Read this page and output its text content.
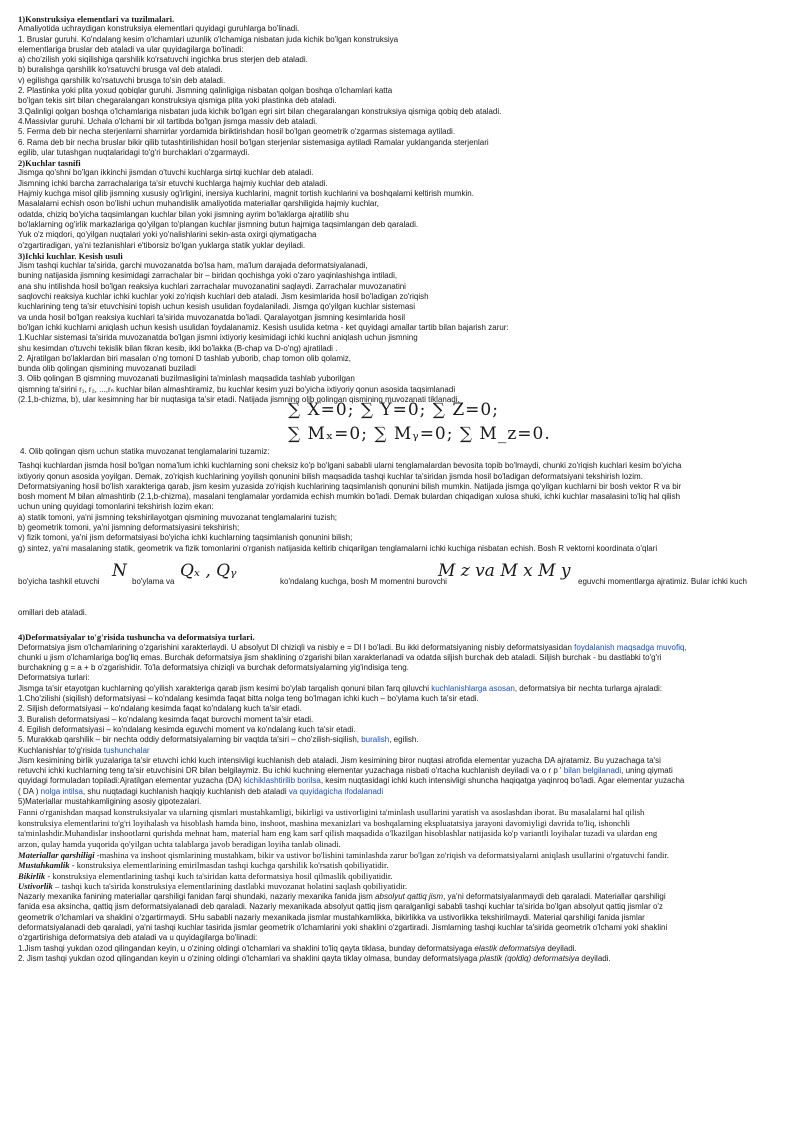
1)Konstruksiya elementlari va tuzilmalari.

Amaliyotida uchraydigan konstruksiya elementlari quyidagi guruhlarga bo'linadi.

1. Bruslar guruhi. Ko'ndalang kesim o'lchamlari uzunlik o'lchamiga nisbatan juda kichik bo'lgan konstruksiya

elementlariga bruslar deb ataladi va ular quyidagilarga bo'linadi:

a) cho'zilish yoki siqilishiga qarshilik ko'rsatuvchi ingichka brus sterjen deb ataladi.

b) buralishga qarshilik ko'rsatuvchi brusga val deb ataladi.

v) egilishga qarshilik ko'rsatuvchi brusga to'sin deb ataladi.

2. Plastinka yoki plita yoxud qobiqlar guruhi. Jismning qalinligiga nisbatan qolgan boshqa o'lchamlari katta

bo'lgan tekis sirt bilan chegaralangan konstruksiya qismiga plita yoki plastinka deb ataladi.

3.Qalinligi qolgan boshqa o'lchamlariga nisbatan juda kichik bo'lgan egri sirt bilan chegaralangan konstruksiya qismiga qobiq deb ataladi.

4.Massivlar guruhi. Uchala o'lchami bir xil tartibda bo'lgan jismga massiv deb ataladi.

5. Ferma deb bir necha sterjenlarni sharnirlar yordamida biriktirishdan hosil bo'lgan geometrik o'zgarmas sistemaga aytiladi.

6. Rama deb bir necha bruslar bikir qilib tutashtirilishidan hosil bo'lgan sterjenlar sistemasiga aytiladi Ramalar yuklanganda sterjenlari

egilib, ular tutashgan nuqtalaridagi to'g'ri burchaklari o'zgarmaydi.

2)Kuchlar tasnifi

Jismga qo'shni bo'lgan ikkinchi jismdan o'tuvchi kuchlarga sirtqi kuchlar deb ataladi.

Jismning ichki barcha zarrachalariga ta'sir etuvchi kuchlarga hajmiy kuchlar deb ataladi.

Hajmiy kuchga misol qilib jismning xususiy og'irligini, inersiya kuchlarini, magnit tortish kuchlarini va boshqalarni keltirish mumkin.

Masalalarni echish oson bo'lishi uchun muhandislik amaliyotida materiallar qarshiligida hajmiy kuchlar,

odatda, chiziq bo'yicha taqsimlangan kuchlar bilan yoki jismning ayrim bo'laklarga ajratilib shu

bo'laklarning og'irlik markazlariga qo'yilgan to'plangan kuchlar jismning butun hajmiga taqsimlangan deb qaraladi.

Yuk o'z miqdori, qo'yilgan nuqtalari yoki yo'nalishlarini sekin-asta oxirgi qiymatigacha

o'zgartiradigan, ya'ni tezlanishlari e'tiborsiz bo'lgan yuklarga statik yuklar deyiladi.

3)Ichki kuchlar. Kesish usuli

Jism tashqi kuchlar ta'sirida, garchi muvozanatda bo'lsa ham, ma'lum darajada deformatsiyalanadi,

buning natijasida jismning kesimidagi zarrachalar bir – biridan qochishga yoki o'zaro yaqinlashishga intiladi,

ana shu intilishda hosil bo'lgan reaksiya kuchlari zarrachalar muvozanatini saqlaydi. Zarrachalar muvozanatini

saqlovchi reaksiya kuchlar ichki kuchlar yoki zo'riqish kuchlari deb ataladi. Jism kesimlarida hosil bo'ladigan zo'riqish

kuchlarining teng ta'sir etuvchisini topish uchun kesish usulidan foydalaniladi. Jismga qo'yilgan kuchlar sistemasi

va unda hosil bo'lgan reaksiya kuchlari ta'sirida muvozanatda bo'ladi. Qaralayotgan jismning kesimlarida hosil

bo'lgan ichki kuchlarni aniqlash uchun kesish usulidan foydalanamiz. Kesish usulida ketma - ket quyidagi amallar tartib bilan bajarish zarur:

1.Kuchlar sistemasi ta'sirida muvozanatda bo'lgan jismni ixtiyoriy kesimidagi ichki kuchni aniqlash uchun jismning

shu kesimdan o'tuvchi tekislik bilan fikran kesib, ikki bo'lakka (B-chap va D-o'ng) ajratiladi .

2. Ajratilgan bo'laklardan biri masalan o'ng tomoni D tashlab yuborib, chap tomon olib qolamiz,

bunda olib qolingan qismining muvozanati buziladi

3. Olib qolingan B qismning muvozanati buzilmasligini ta'minlash maqsadida tashlab yuborilgan

qismning ta'sirini r₁, r₂, ...,rₙ kuchlar bilan almashtiramiz, bu kuchlar kesim yuzi bo'yicha ixtiyoriy qonun asosida taqsimlanadi

(2.1,b-chizma, b), ular kesimning har bir nuqtasiga ta'sir etadi. Natijada jismning olib qolingan qismining muvozanati tiklanadi.

∑ X=0; ∑ Y=0; ∑ Z=0;
∑ Mₓ=0; ∑ Mᵧ=0; ∑ M_z=0.
4. Olib qolingan qism uchun statika muvozanat tenglamalarini tuzamiz:

Tashqi kuchlardan jismda hosil bo'lgan noma'lum ichki kuchlarning soni cheksiz ko'p bo'lgani sababli ularni tenglamalardan bevosita topib bo'lmaydi, chunki zo'riqish kuchlari kesim bo'yicha

ixtiyoriy qonun asosida yoyilgan. Demak, zo'riqish kuchlarining yoyilish qonunini bilish maqsadida tashqi kuchlar ta'siridan jismda hosil bo'ladigan deformatsiyani tekshirish lozim.

Deformatsiyaning hosil bo'lish xarakteriga qarab, jism kesim yuzasida zo'riqish kuchlarining taqsimlanish qonunini bilish mumkin. Natijada jismga qo'yilgan kuchlarni bir bosh vektor R va bir

bosh moment M bilan almashtirib (2.1,b-chizma), masalani tenglamalar yordamida echish mumkin bo'ladi. Demak bulardan chiqadigan xulosa shuki, ichki kuchlar masalasini to'liq hal qilish

uchun uning quyidagi tomonlarini tekshirish lozim ekan:

a) statik tomoni, ya'ni jismning tekshirilayotgan qismining muvozanat tenglamalarini tuzish;

b) geometrik tomoni, ya'ni jismning deformatsiyasini tekshirish;

v) fizik tomoni, ya'ni jism deformatsiyasi bo'yicha ichki kuchlarning taqsimlanish qonunini bilish;

g) sintez, ya'ni masalaning statik, geometrik va fizik tomonlarini o'rganish natijasida keltirib chiqarilgan tenglamalarni ichki kuchiga nisbatan echish. Bosh R vektorni koordinata o'qlari

bo'yicha tashkil etuvchi
N
bo'ylama va
Qₓ , Qᵧ
ko'ndalang kuchga, bosh M momentni burovchi
M z va M x M y
eguvchi momentlarga ajratimiz. Bular ichki kuch

omillari deb ataladi.

4)Deformatsiyalar to'g'risida tushuncha va deformatsiya turlari.

Deformatsiya jism o'lchamlarining o'zgarishini xarakterlaydi. U absolyut Dl chiziqli va nisbiy e = Dl I bo'ladi. Bu ikki deformatsiyaning nisbiy deformatsiyasidan foydalanish maqsadga muvofiq,

chunki u jism o'lchamlariga bog'liq emas. Burchak deformatsiya jism shaklining o'zgarishi bilan xarakterlanadi va odatda siljish burchak deb ataladi. Siljish burchak - bu dastlabki to'g'ri

burchakning g = a + b o'zgarishidir. To'la deformatsiya chiziqli va burchak deformatsiyalarning yig'indisiga teng.

Deformatsiya turlari:

Jismga ta'sir etayotgan kuchlarning qo'yilish xarakteriga qarab jism kesimi bo'ylab tarqalish qonuni bilan farq qiluvchi kuchlanishlarga asosan, deformatsiya bir nechta turlarga ajraladi:

1.Cho'zilishi (siqilish) deformatsiyasi – ko'ndalang kesimda faqat bitta nolga teng bo'lmagan ichki kuch – bo'ylama kuch ta'sir etadi.

2. Siljish deformatsiyasi – ko'ndalang kesimda faqat ko'ndalang kuch ta'sir etadi.

3. Buralish deformatsiyasi – ko'ndalang kesimda faqat burovchi moment ta'sir etadi.

4. Egilish deformatsiyasi – ko'ndalang kesimda eguvchi moment va ko'ndalang kuch ta'sir etadi.

5. Murakkab qarshilik – bir nechta oddiy deformatsiyalarning bir vaqtda ta'siri – cho'zilish-siqilish, buralish, egilish.

Kuchlanishlar to'g'risida tushunchalar

Jism kesimining birlik yuzalariga ta'sir etuvchi ichki kuch intensivligi kuchlanish deb ataladi. Jism kesimining biror nuqtasi atrofida elementar yuzacha DA ajratamiz. Bu yuzachaga ta'si

retuvchi ichki kuchlarning teng ta'sir etuvchisini DR bilan belgilaymiz. Bu ichki kuchning elementar yuzachaga nisbati o'rtacha kuchlanish deyiladi va o r p ' bilan belgilanadi, uning qiymati

quyidagi formuladan topiladi:Ajratilgan elementar yuzacha (DA) kichiklashtirilib borilsa, kesim nuqtasidagi ichki kuch intensivligi shuncha haqiqatga yaqinroq bo'ladi. Agar elementar yuzacha

( DA ) nolga intilsa, shu nuqtadagi kuchlanish haqiqiy kuchlanish deb ataladi va quyidagicha ifodalanadi

5)Materiallar mustahkamligining asosiy gipotezalari.

Fanni o'rganishdan maqsad konstruksiyalar va ularning qismlari mustahkamligi, bikirligi va ustivorligini ta'minlash usullarini yaratish va asoslashdan iborat. Bu masalalarni hal qilish

konstruksiya elementlarini to'g'ri loyihalash va hisoblash hamda bino, inshoot, mashina mexanizlari va boshqalarning ekspluatatsiya jarayoni davomiyligi davrida to'liq, ishonchli

ta'minlashdir.Muhandislar inshootlarni qurishda mehnat ham, material ham eng kam sarf qilish maqsadida o'lkazilgan hisoblashlar natijasida ko'p variantli loyihalar tuzadi va ulardan eng

arzon, qulay hamda yuqorida qo'yilgan uchta talablarga javob beradigan loyiha tanlab olinadi.

Materiallar qarshiligi -mashina va inshoot qismlarining mustahkam, bikir va ustivor bo'lishini taminlashda zarur bo'lgan zo'riqish va deformatsiyalarni aniqlash usullarini o'rgatuvchi fandir.

Mustahkamlik - konstruksiya elementlarining emirilmasdan tashqi kuchga qarshilik ko'rsatish qobiliyatidir.

Bikirlik - konstruksiya elementlarining tashqi kuch ta'siridan katta deformatsiya hosil qilmaslik qobiliyatidir.

Ustivorlik – tashqi kuch ta'sirida konstruksiya elementlarining dastlabki muvozanat holatini saqlash qobiliyatidir.

Nazariy mexanika fanining materiallar qarshiligi fanidan farqi shundaki, nazariy mexanika fanida jism absolyut qattiq jism, ya'ni deformatsiyalanmaydi deb qaraladi. Materiallar qarshiligi

fanida esa aksincha, qattiq jism deformatsiyalanadi deb qaraladi. Nazariy mexanikada absolyut qattiq jism qaralganligi sababli tashqi kuchlar ta'sirida bo'lgan absolyut qattiq jismlar o'z

geometrik o'lchamlari va shaklini o'zgartirmaydi. SHu sababli nazariy mexanikada jismlar mustahkamlikka, bikirlikka va ustivorlikka tekshirilmaydi. Material qarshiligi fanida jismlar

deformatsiyalanadi deb qaraladi, ya'ni tashqi kuchlar tasirida jismlar geometrik o'lchamlarini yoki shaklini o'zgartiradi. Jismlarning tashqi kuchlar ta'sirida geometrik o'lchami yoki shaklini

o'zgartirishiga deformatsiya deb ataladi va u quyidagilarga bo'linadi:

1.Jism tashqi yukdan ozod qilingandan keyin, u o'zining oldingi o'lchamlari va shaklini to'liq qayta tiklasa, bunday deformatsiyaga elastik deformatsiya deyiladi.

2. Jism tashqi yukdan ozod qilingandan keyin u o'zining oldingi o'lchamlari va shaklini qayta tiklay olmasa, bunday deformatsiyaga plastik (qoldiq) deformatsiya deyiladi.
